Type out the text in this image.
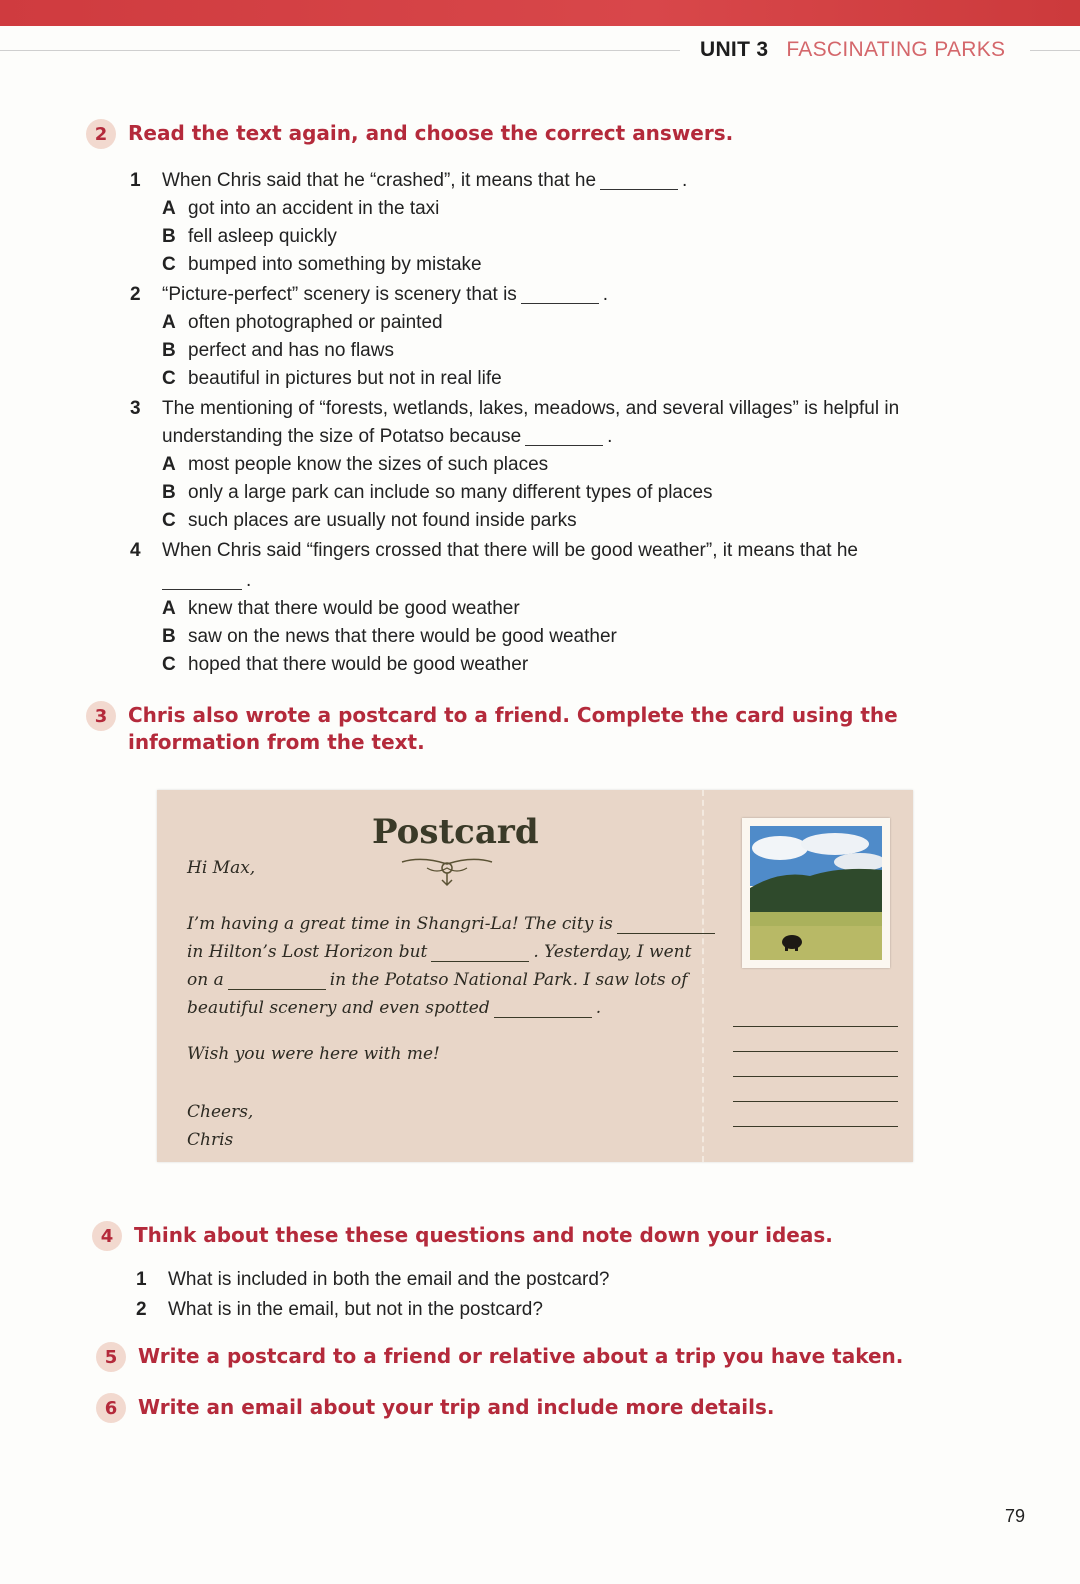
UNIT 3 FASCINATING PARKS
2	Read the text again, and choose the correct answers.
1	When Chris said that he “crashed”, it means that he	.
A got into an accident in the taxi
B fell asleep quickly
C bumped into something by mistake
2	“Picture-perfect” scenery is scenery that is	.
A often photographed or painted
B perfect and has no flaws
C beautiful in pictures but not in real life
3	The mentioning of “forests, wetlands, lakes, meadows, and several villages” is helpful in
understanding the size of Potatso because	.
A most people know the sizes of such places
B only a large park can include so many different types of places
C such places are usually not found inside parks
4	When Chris said “fingers crossed that there will be good weather”, it means that he
.
A knew that there would be good weather
B saw on the news that there would be good weather
C hoped that there would be good weather
3	Chris also wrote a postcard to a friend. Complete the card using the
information from the text.
Postcard
Hi Max,
I’m having a great time in Shangri-La! The city is
in Hilton’s Lost Horizon but	. Yesterday, I went
on a	in the Potatso National Park. I saw lots of
beautiful scenery and even spotted	.
Wish you were here with me!
Cheers,
Chris
4	Think about these these questions and note down your ideas.
1	What is included in both the email and the postcard?
2	What is in the email, but not in the postcard?
5	Write a postcard to a friend or relative about a trip you have taken.
6	Write an email about your trip and include more details.
79
